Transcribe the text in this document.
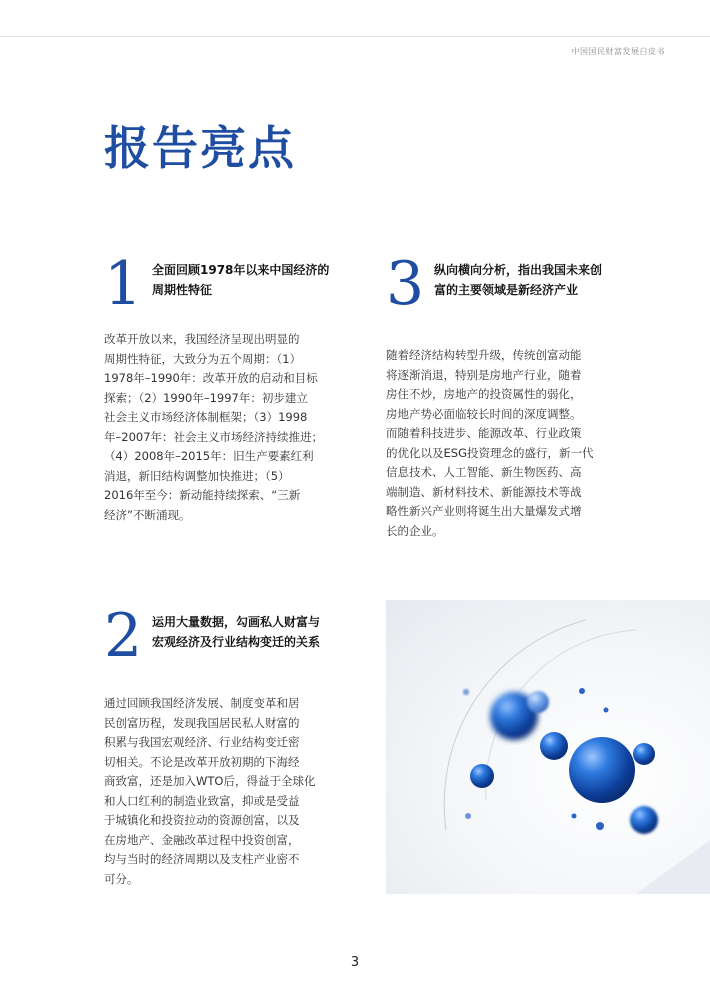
中国国民财富发展白皮书
报告亮点
1 全面回顾1978年以来中国经济的
周期性特征
改革开放以来，我国经济呈现出明显的
周期性特征，大致分为五个周期：（1）
1978年–1990年：改革开放的启动和目标
探索；（2）1990年–1997年：初步建立
社会主义市场经济体制框架；（3）1998
年–2007年：社会主义市场经济持续推进；
（4）2008年–2015年：旧生产要素红利
消退，新旧结构调整加快推进；（5）
2016年至今：新动能持续探索、“三新
经济”不断涌现。
2 运用大量数据，勾画私人财富与
宏观经济及行业结构变迁的关系
通过回顾我国经济发展、制度变革和居
民创富历程，发现我国居民私人财富的
积累与我国宏观经济、行业结构变迁密
切相关。不论是改革开放初期的下海经
商致富，还是加入WTO后，得益于全球化
和人口红利的制造业致富，抑或是受益
于城镇化和投资拉动的资源创富，以及
在房地产、金融改革过程中投资创富，
均与当时的经济周期以及支柱产业密不
可分。
3 纵向横向分析，指出我国未来创
富的主要领域是新经济产业
随着经济结构转型升级，传统创富动能
将逐渐消退，特别是房地产行业，随着
房住不炒，房地产的投资属性的弱化，
房地产势必面临较长时间的深度调整。
而随着科技进步、能源改革、行业政策
的优化以及ESG投资理念的盛行，新一代
信息技术、人工智能、新生物医药、高
端制造、新材料技术、新能源技术等战
略性新兴产业则将诞生出大量爆发式增
长的企业。
3
